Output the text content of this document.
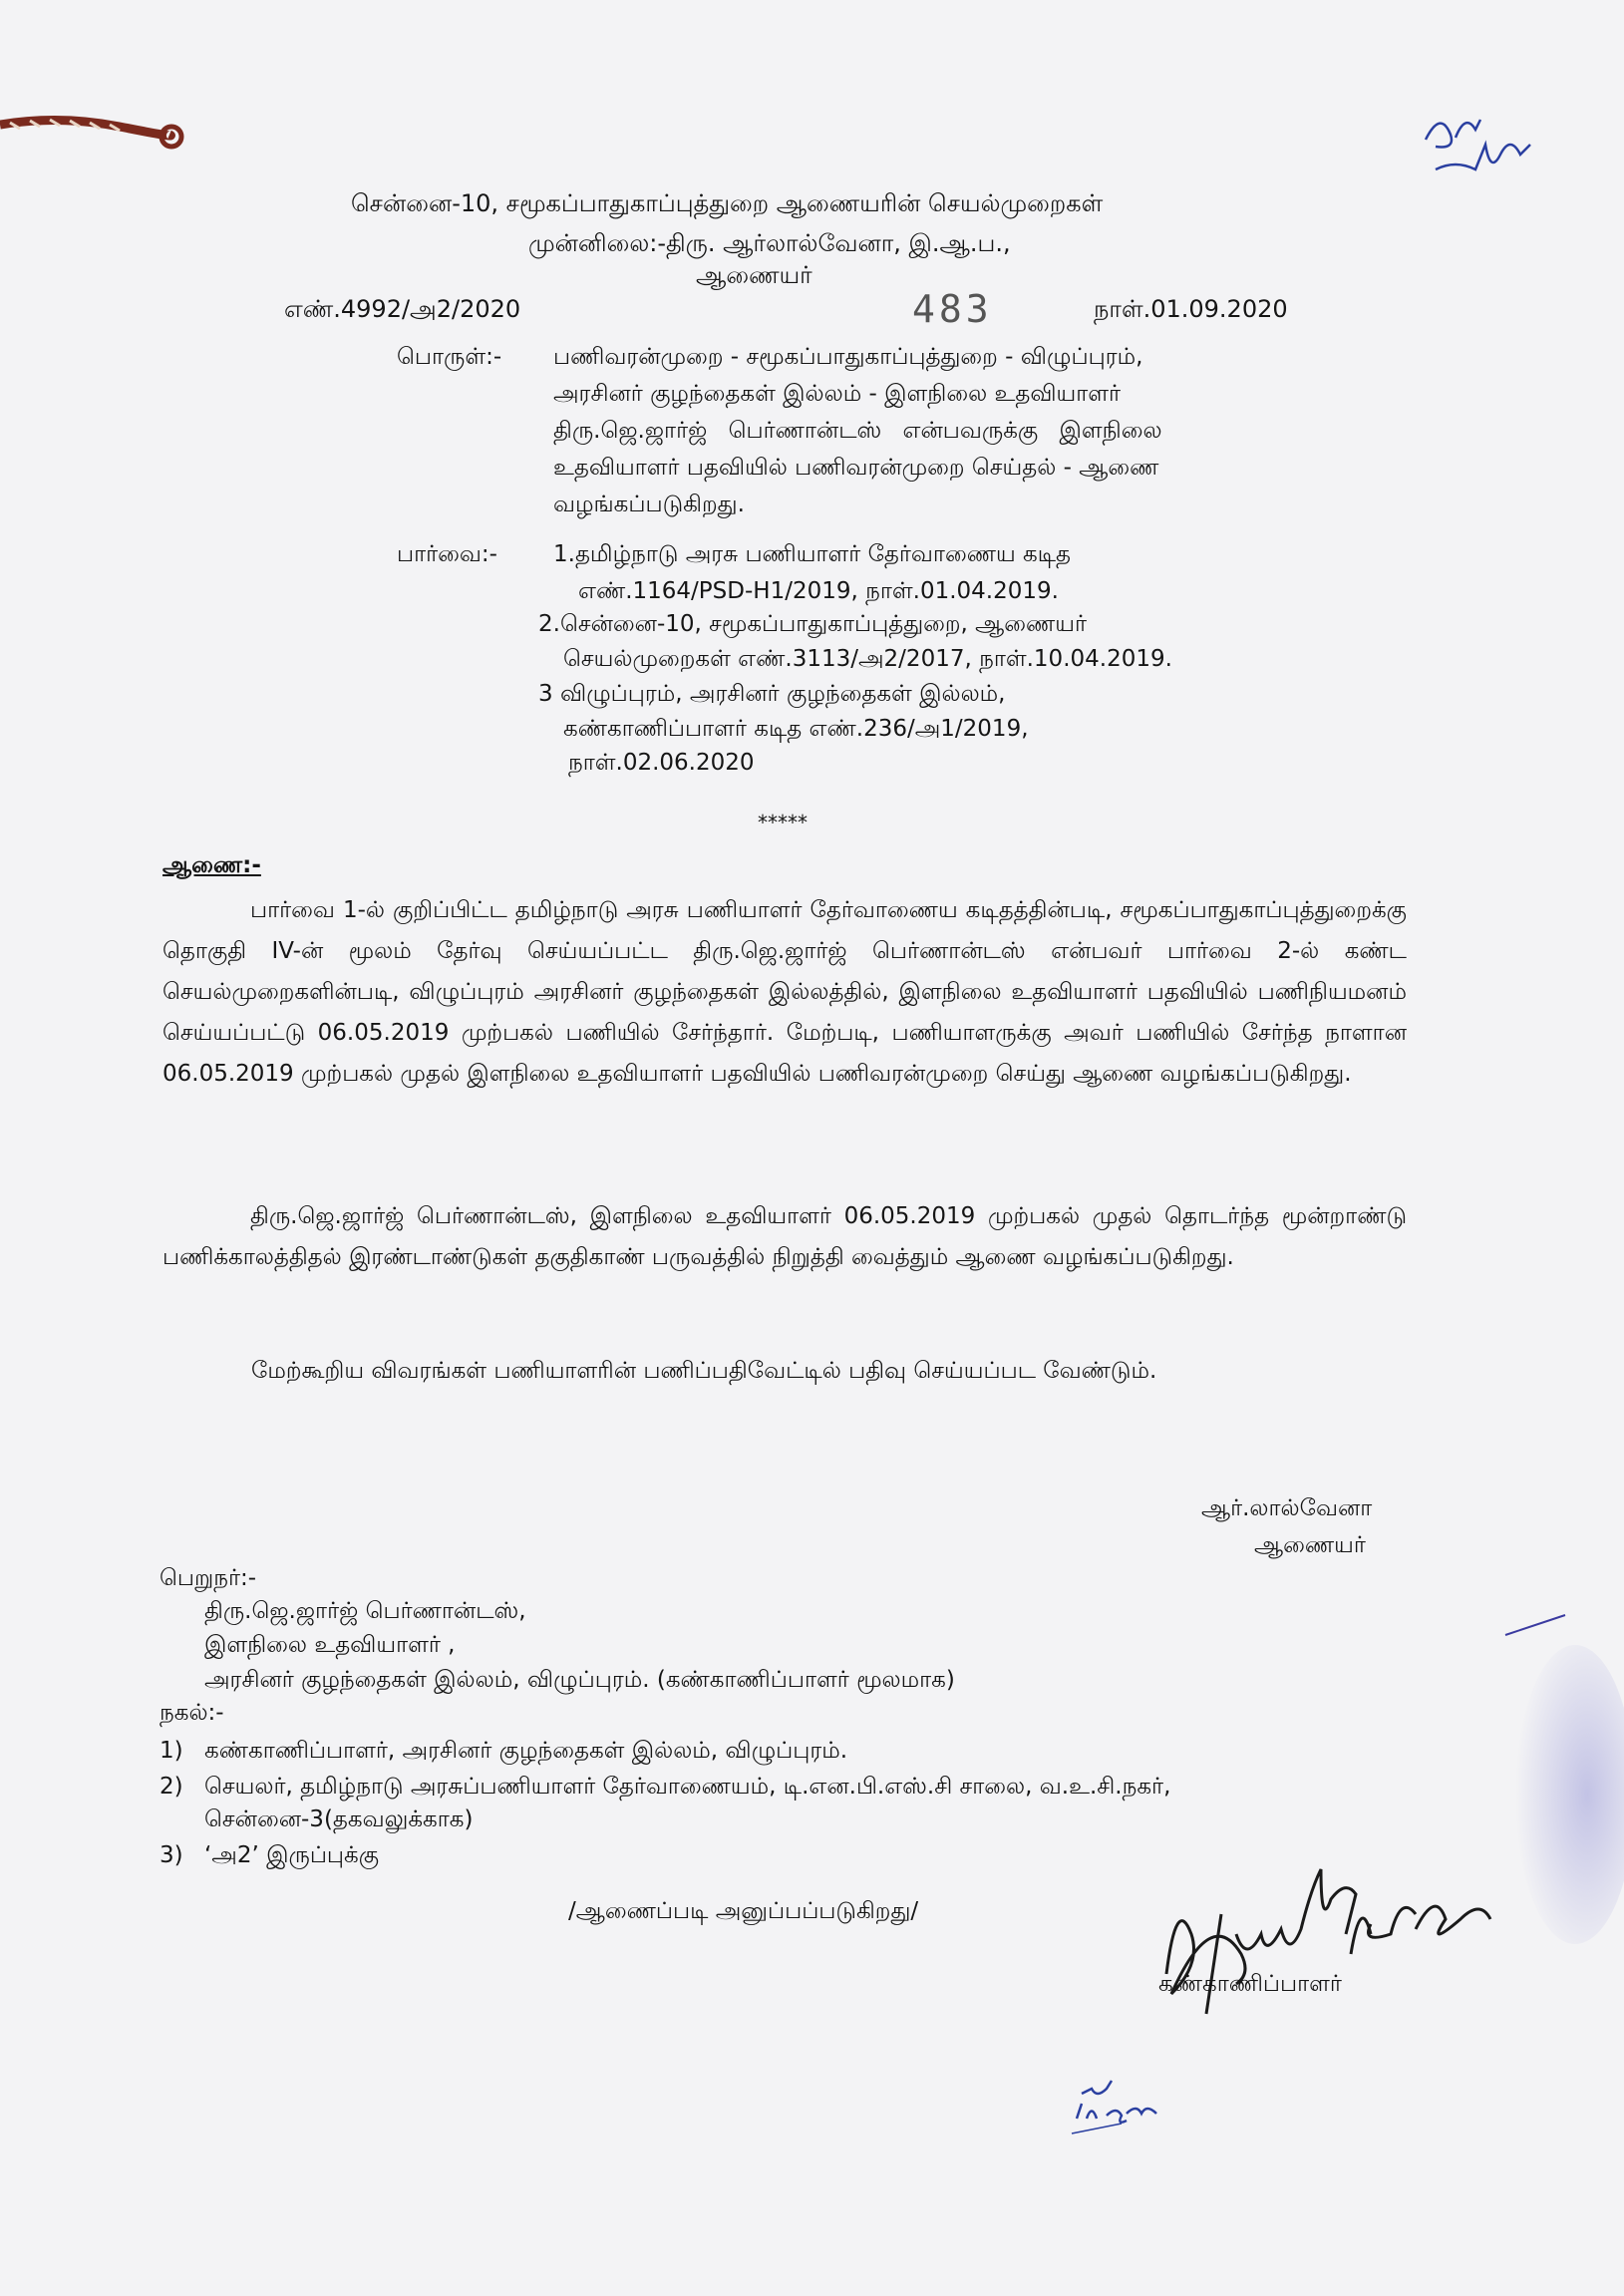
சென்னை-10, சமூகப்பாதுகாப்புத்துறை ஆணையரின் செயல்முறைகள்
முன்னிலை:-திரு. ஆர்லால்வேனா, இ.ஆ.ப.,
ஆணையர்
எண்.4992/அ2/2020	483	நாள்.01.09.2020
பொருள்:- பணிவரன்முறை - சமூகப்பாதுகாப்புத்துறை - விழுப்புரம்,
அரசினர் குழந்தைகள் இல்லம் - இளநிலை உதவியாளர்
திரு.ஜெ.ஜார்ஜ் பெர்ணான்டஸ் என்பவருக்கு இளநிலை
உதவியாளர் பதவியில் பணிவரன்முறை செய்தல் - ஆணை
வழங்கப்படுகிறது.
பார்வை:- 1.தமிழ்நாடு அரசு பணியாளர் தேர்வாணைய கடித
எண்.1164/PSD-H1/2019, நாள்.01.04.2019.
2.சென்னை-10, சமூகப்பாதுகாப்புத்துறை, ஆணையர்
செயல்முறைகள் எண்.3113/அ2/2017, நாள்.10.04.2019.
3 விழுப்புரம், அரசினர் குழந்தைகள் இல்லம்,
கண்காணிப்பாளர் கடித எண்.236/அ1/2019,
நாள்.02.06.2020
*****
ஆணை:-
பார்வை 1-ல் குறிப்பிட்ட தமிழ்நாடு அரசு பணியாளர் தேர்வாணைய கடிதத்தின்படி, சமூகப்பாதுகாப்புத்துறைக்கு தொகுதி IV-ன் மூலம் தேர்வு செய்யப்பட்ட திரு.ஜெ.ஜார்ஜ் பெர்ணான்டஸ் என்பவர் பார்வை 2-ல் கண்ட செயல்முறைகளின்படி, விழுப்புரம் அரசினர் குழந்தைகள் இல்லத்தில், இளநிலை உதவியாளர் பதவியில் பணிநியமனம் செய்யப்பட்டு 06.05.2019 முற்பகல் பணியில் சேர்ந்தார். மேற்படி, பணியாளருக்கு அவர் பணியில் சேர்ந்த நாளான 06.05.2019 முற்பகல் முதல் இளநிலை உதவியாளர் பதவியில் பணிவரன்முறை செய்து ஆணை வழங்கப்படுகிறது.
திரு.ஜெ.ஜார்ஜ் பெர்ணான்டஸ், இளநிலை உதவியாளர் 06.05.2019 முற்பகல் முதல் தொடர்ந்த மூன்றாண்டு பணிக்காலத்திதல் இரண்டாண்டுகள் தகுதிகாண் பருவத்தில் நிறுத்தி வைத்தும் ஆணை வழங்கப்படுகிறது.
மேற்கூறிய விவரங்கள் பணியாளரின் பணிப்பதிவேட்டில் பதிவு செய்யப்பட வேண்டும்.
ஆர்.லால்வேனா
ஆணையர்
பெறுநர்:-
திரு.ஜெ.ஜார்ஜ் பெர்ணான்டஸ்,
இளநிலை உதவியாளர் ,
அரசினர் குழந்தைகள் இல்லம், விழுப்புரம். (கண்காணிப்பாளர் மூலமாக)
நகல்:-
1) கண்காணிப்பாளர், அரசினர் குழந்தைகள் இல்லம், விழுப்புரம்.
2) செயலர், தமிழ்நாடு அரசுப்பணியாளர் தேர்வாணையம், டி.என.பி.எஸ்.சி சாலை, வ.உ.சி.நகர்,
சென்னை-3(தகவலுக்காக)
3) ‘அ2’ இருப்புக்கு
/ஆணைப்படி அனுப்பப்படுகிறது/
கண்காணிப்பாளர்
